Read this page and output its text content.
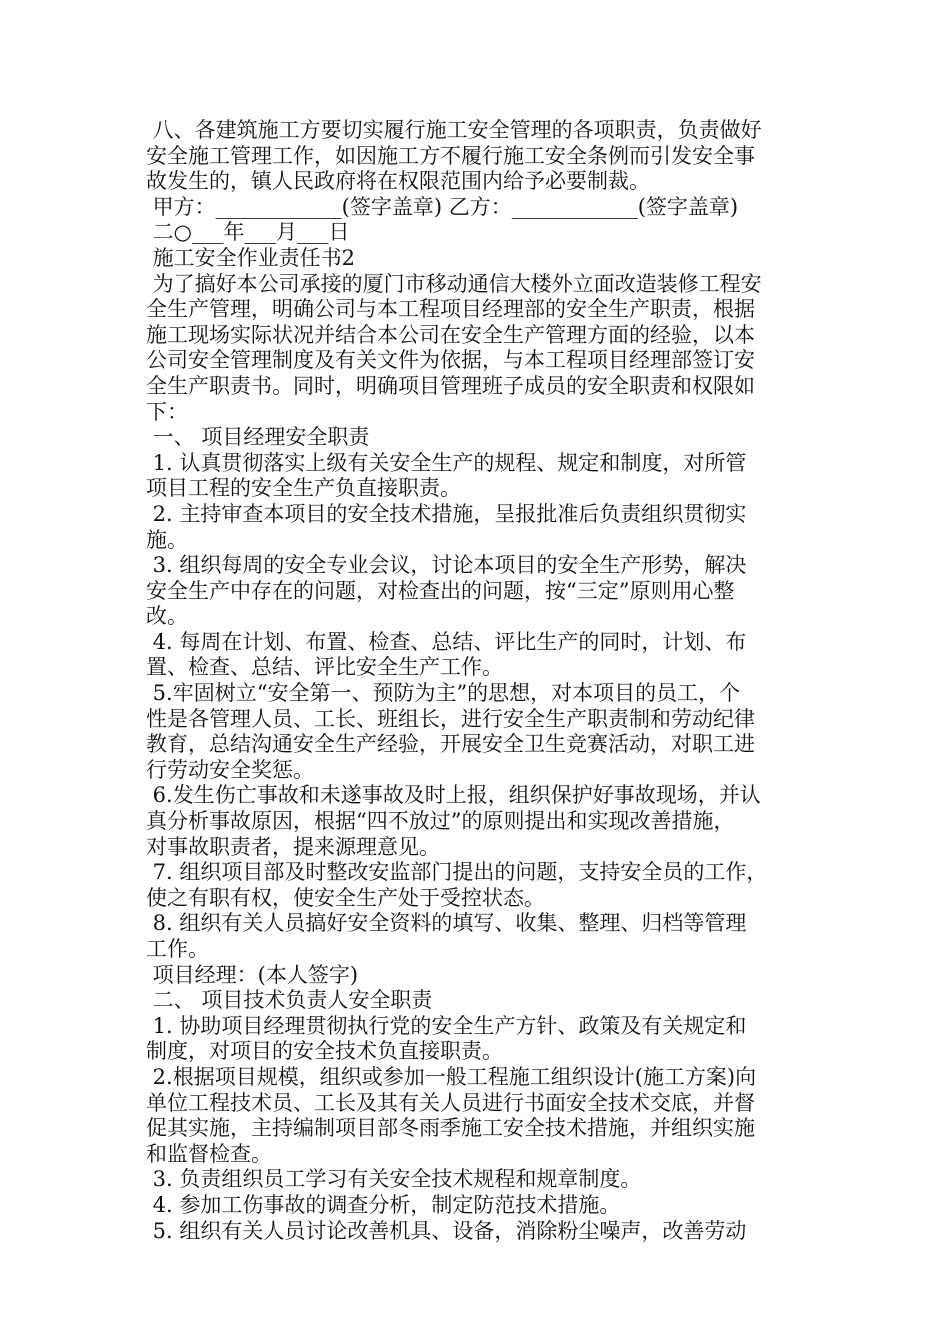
八、各建筑施工方要切实履行施工安全管理的各项职责，负责做好
安全施工管理工作，如因施工方不履行施工安全条例而引发安全事
故发生的，镇人民政府将在权限范围内给予必要制裁。
甲方：____________(签字盖章) 乙方：____________(签字盖章)
二○___年___月___日
施工安全作业责任书2
为了搞好本公司承接的厦门市移动通信大楼外立面改造装修工程安
全生产管理，明确公司与本工程项目经理部的安全生产职责，根据
施工现场实际状况并结合本公司在安全生产管理方面的经验，以本
公司安全管理制度及有关文件为依据，与本工程项目经理部签订安
全生产职责书。同时，明确项目管理班子成员的安全职责和权限如
下：
一、 项目经理安全职责
1. 认真贯彻落实上级有关安全生产的规程、规定和制度，对所管
项目工程的安全生产负直接职责。
2. 主持审查本项目的安全技术措施，呈报批准后负责组织贯彻实
施。
3. 组织每周的安全专业会议，讨论本项目的安全生产形势，解决
安全生产中存在的问题，对检查出的问题，按“三定”原则用心整
改。
4. 每周在计划、布置、检查、总结、评比生产的同时，计划、布
置、检查、总结、评比安全生产工作。
5.牢固树立“安全第一、预防为主”的思想，对本项目的员工，个
性是各管理人员、工长、班组长，进行安全生产职责制和劳动纪律
教育，总结沟通安全生产经验，开展安全卫生竞赛活动，对职工进
行劳动安全奖惩。
6.发生伤亡事故和未遂事故及时上报，组织保护好事故现场，并认
真分析事故原因，根据“四不放过”的原则提出和实现改善措施，
对事故职责者，提来源理意见。
7. 组织项目部及时整改安监部门提出的问题，支持安全员的工作，
使之有职有权，使安全生产处于受控状态。
8. 组织有关人员搞好安全资料的填写、收集、整理、归档等管理
工作。
项目经理：(本人签字)
二、 项目技术负责人安全职责
1. 协助项目经理贯彻执行党的安全生产方针、政策及有关规定和
制度，对项目的安全技术负直接职责。
2.根据项目规模，组织或参加一般工程施工组织设计(施工方案)向
单位工程技术员、工长及其有关人员进行书面安全技术交底，并督
促其实施，主持编制项目部冬雨季施工安全技术措施，并组织实施
和监督检查。
3. 负责组织员工学习有关安全技术规程和规章制度。
4. 参加工伤事故的调查分析，制定防范技术措施。
5. 组织有关人员讨论改善机具、设备，消除粉尘噪声，改善劳动
